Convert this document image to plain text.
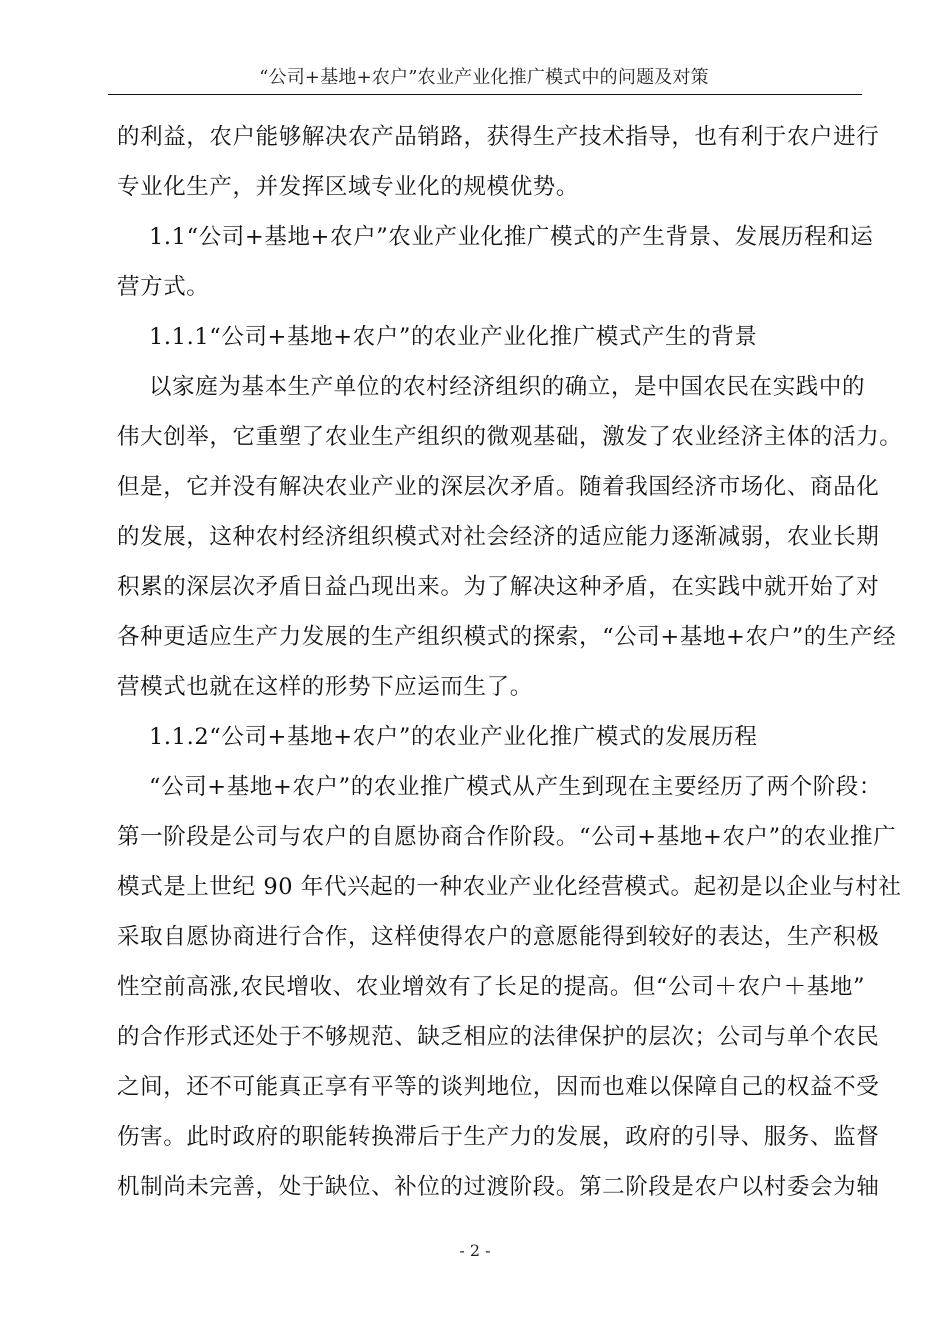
“公司+基地+农户”农业产业化推广模式中的问题及对策
的利益，农户能够解决农产品销路，获得生产技术指导，也有利于农户进行
专业化生产，并发挥区域专业化的规模优势。
1.1“公司+基地+农户”农业产业化推广模式的产生背景、发展历程和运
营方式。
1.1.1“公司+基地+农户”的农业产业化推广模式产生的背景
以家庭为基本生产单位的农村经济组织的确立，是中国农民在实践中的
伟大创举，它重塑了农业生产组织的微观基础，激发了农业经济主体的活力。
但是，它并没有解决农业产业的深层次矛盾。随着我国经济市场化、商品化
的发展，这种农村经济组织模式对社会经济的适应能力逐渐减弱，农业长期
积累的深层次矛盾日益凸现出来。为了解决这种矛盾，在实践中就开始了对
各种更适应生产力发展的生产组织模式的探索，“公司+基地+农户”的生产经
营模式也就在这样的形势下应运而生了。
1.1.2“公司+基地+农户”的农业产业化推广模式的发展历程
“公司+基地+农户”的农业推广模式从产生到现在主要经历了两个阶段：
第一阶段是公司与农户的自愿协商合作阶段。“公司+基地+农户”的农业推广
模式是上世纪 90 年代兴起的一种农业产业化经营模式。起初是以企业与村社
采取自愿协商进行合作，这样使得农户的意愿能得到较好的表达，生产积极
性空前高涨,农民增收、农业增效有了长足的提高。但“公司＋农户＋基地”
的合作形式还处于不够规范、缺乏相应的法律保护的层次；公司与单个农民
之间，还不可能真正享有平等的谈判地位，因而也难以保障自己的权益不受
伤害。此时政府的职能转换滞后于生产力的发展，政府的引导、服务、监督
机制尚未完善，处于缺位、补位的过渡阶段。第二阶段是农户以村委会为轴
- 2 -
